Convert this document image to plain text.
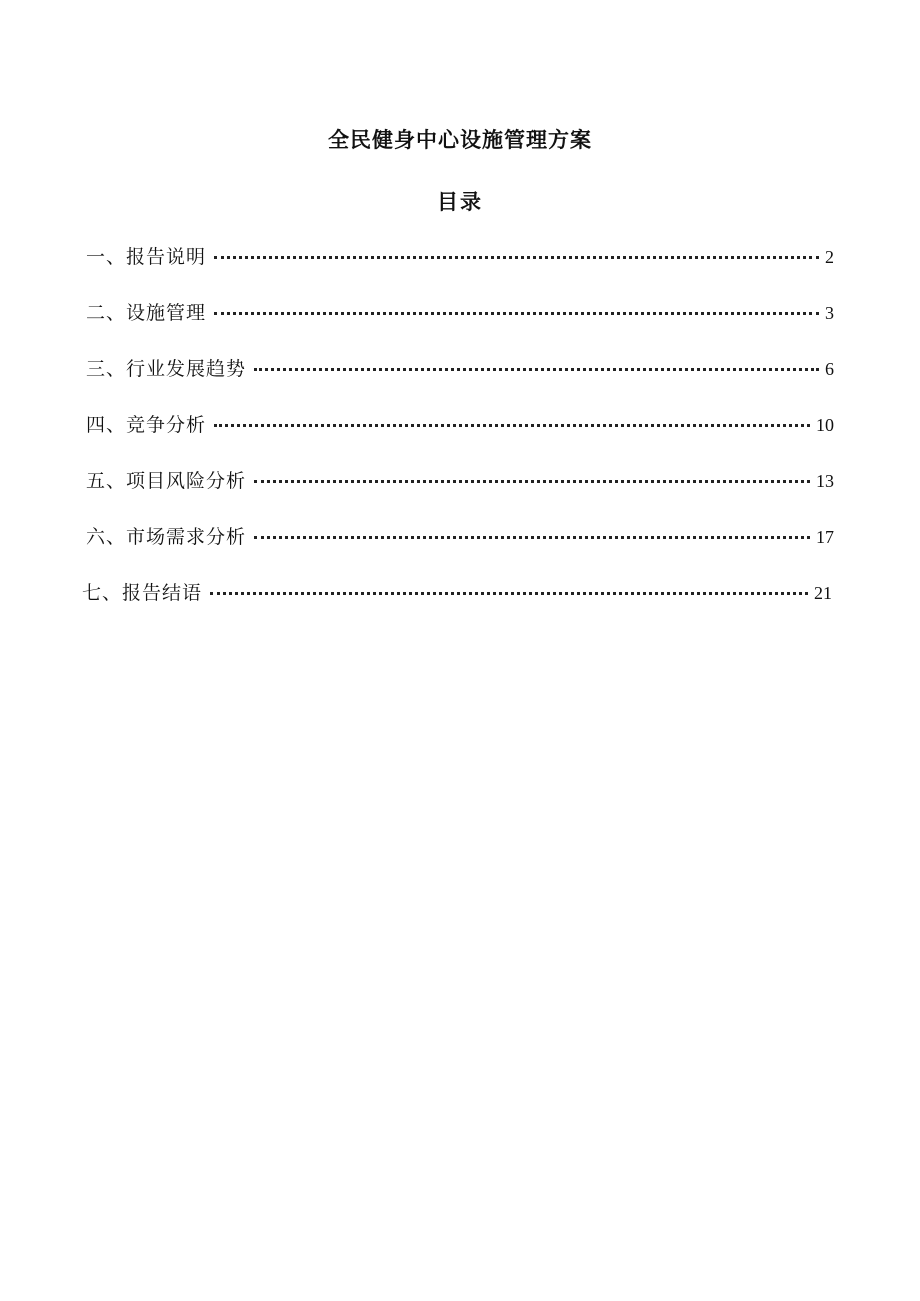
全民健身中心设施管理方案
目录
一、报告说明	2
二、设施管理	3
三、行业发展趋势	6
四、竞争分析	10
五、项目风险分析	13
六、市场需求分析	17
七、报告结语	21
